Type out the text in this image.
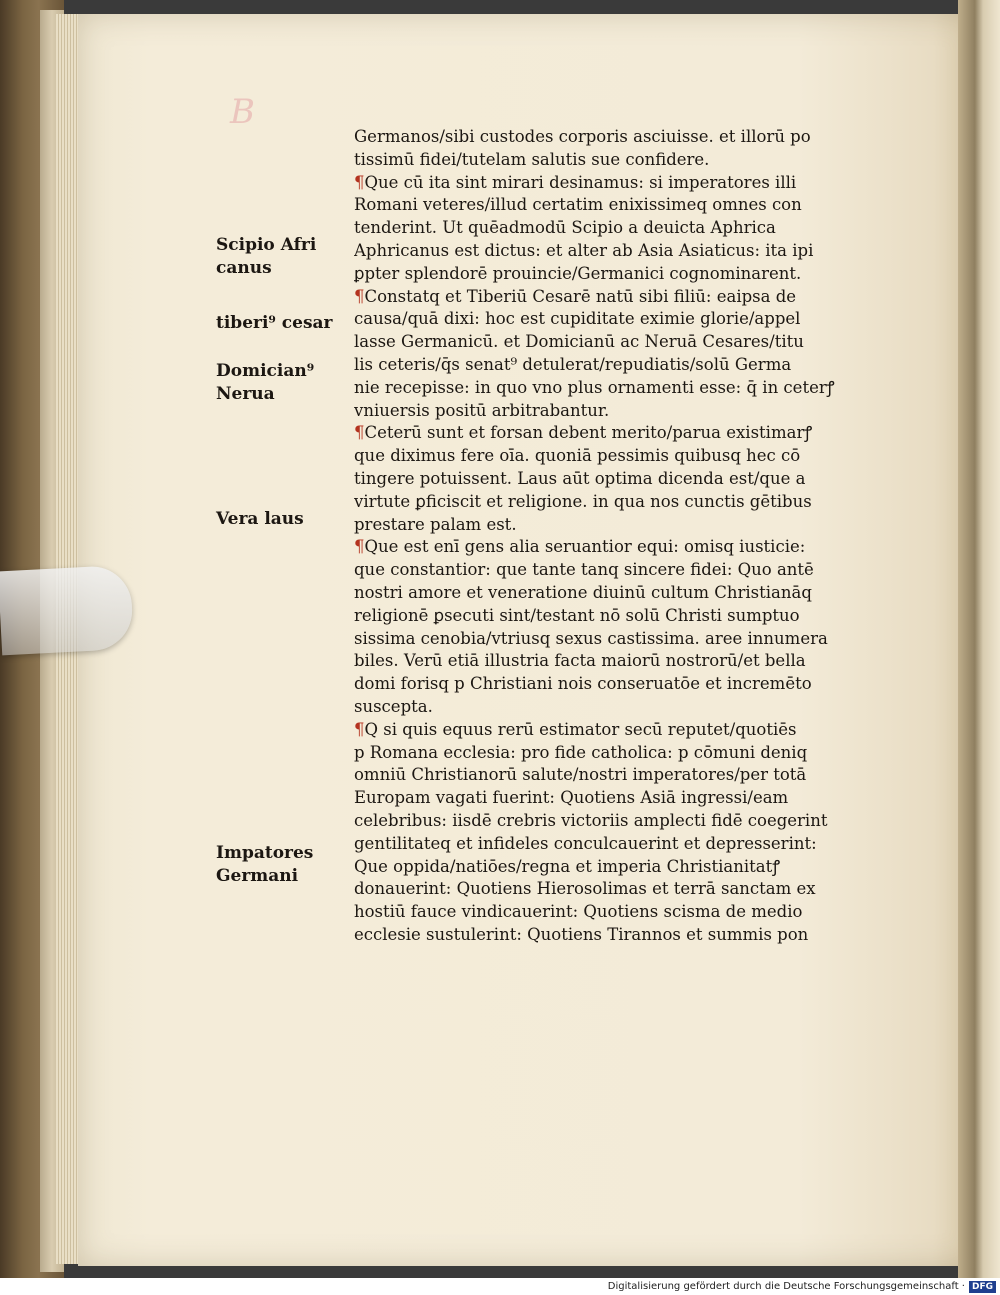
B
Scipio Afri
canus
tiberi⁹ cesar
Domician⁹
Nerua
Vera laus
Impatores
Germani
Germanos/sibi custodes corporis asciuisse. et illorū po
tissimū fidei/tutelam salutis sue confidere.
¶Que cū ita sint mirari desinamus: si imperatores illi
Romani veteres/illud certatim enixissimeq omnes con
tenderint. Ut quēadmodū Scipio a deuicta Aphrica
Aphricanus est dictus: et alter ab Asia Asiaticus: ita ipi
ꝑpter splendorē prouincie/Germanici cognominarent.
¶Constatq et Tiberiū Cesarē natū sibi filiū: eaipsa de
causa/quā dixi: hoc est cupiditate eximie glorie/appel
lasse Germanicū. et Domicianū ac Neruā Cesares/titu
lis ceteris/q̄s senat⁹ detulerat/repudiatis/solū Germa
nie recepisse: in quo vno plus ornamenti esse: q̄ in ceterꝭ
vniuersis positū arbitrabantur.
¶Ceterū sunt et forsan debent merito/parua existimarꝭ
que diximus fere oīa. quoniā pessimis quibusq hec cō
tingere potuissent. Laus aūt optima dicenda est/que a
virtute ꝑficiscit et religione. in qua nos cunctis gētibus
prestare palam est.
¶Que est enī gens alia seruantior equi: omisq iusticie:
que constantior: que tante tanq sincere fidei: Quo antē
nostri amore et veneratione diuinū cultum Christianāq
religionē ꝑsecuti sint/testant nō solū Christi sumptuo
sissima cenobia/vtriusq sexus castissima. aree innumera
biles. Verū etiā illustria facta maiorū nostrorū/et bella
domi forisq p Christiani nois conseruatōe et incremēto
suscepta.
¶Q si quis equus rerū estimator secū reputet/quotiēs
p Romana ecclesia: pro fide catholica: p cōmuni deniq
omniū Christianorū salute/nostri imperatores/per totā
Europam vagati fuerint: Quotiens Asiā ingressi/eam
celebribus: iisdē crebris victoriis amplecti fidē coegerint
gentilitateq et infideles conculcauerint et depresserint:
Que oppida/natiōes/regna et imperia Christianitatꝭ
donauerint: Quotiens Hierosolimas et terrā sanctam ex
hostiū fauce vindicauerint: Quotiens scisma de medio
ecclesie sustulerint: Quotiens Tirannos et summis pon
Digitalisierung gefördert durch die Deutsche Forschungsgemeinschaft · DFG
